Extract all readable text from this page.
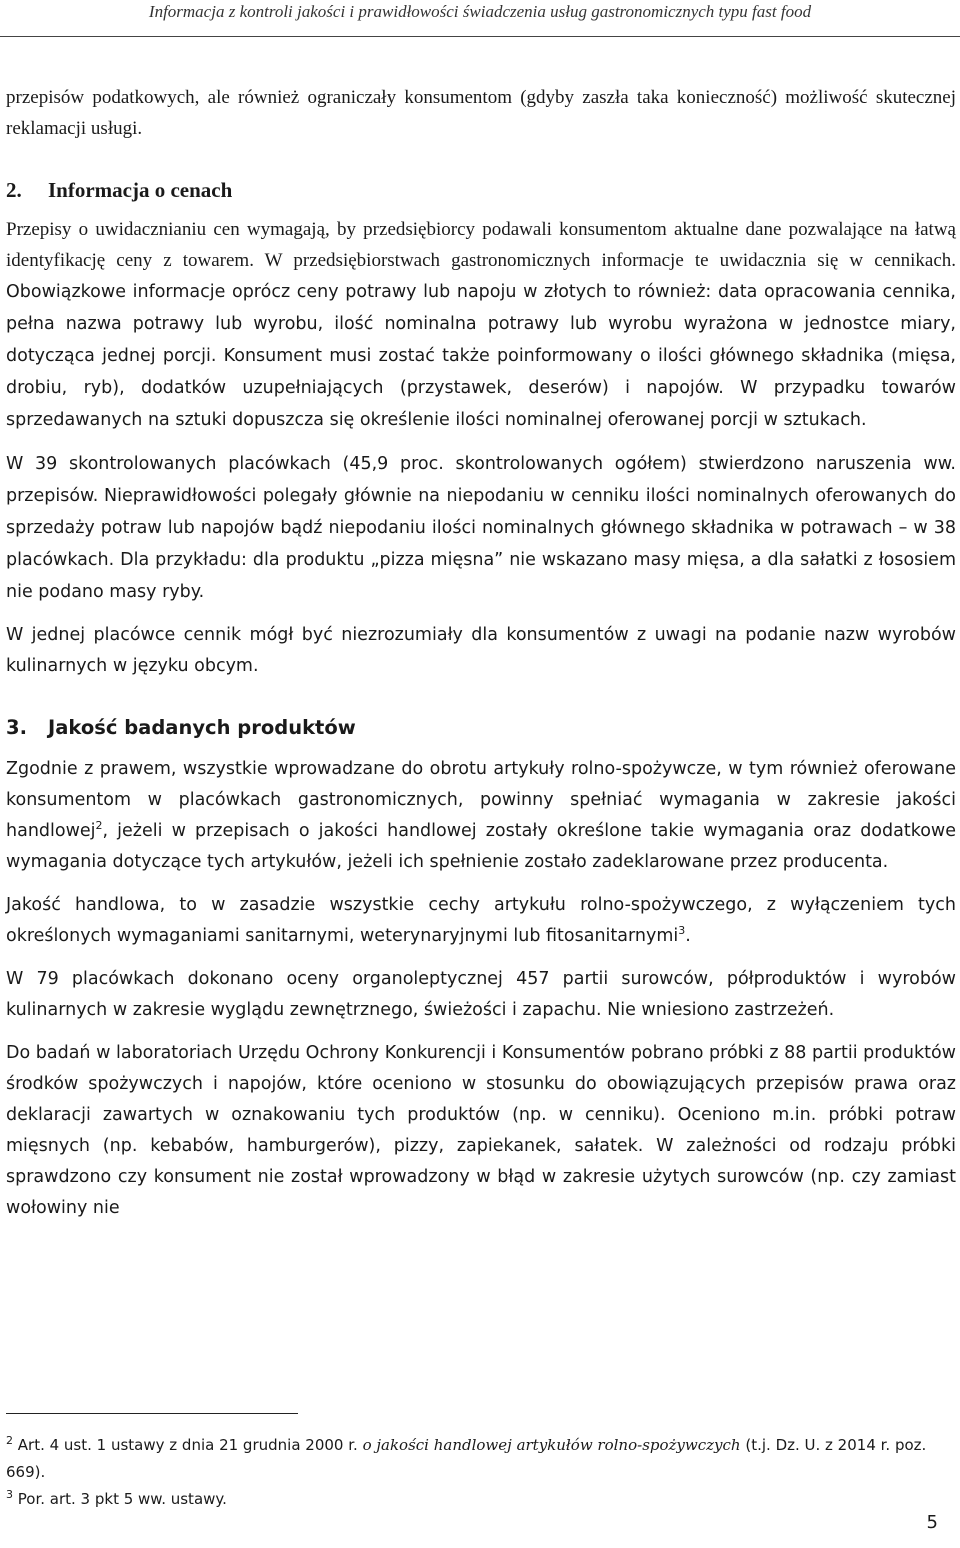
Informacja z kontroli jakości i prawidłowości świadczenia usług gastronomicznych typu fast food

przepisów podatkowych, ale również ograniczały konsumentom (gdyby zaszła taka konieczność) możliwość skutecznej reklamacji usługi.

2. Informacja o cenach

Przepisy o uwidacznianiu cen wymagają, by przedsiębiorcy podawali konsumentom aktualne dane pozwalające na łatwą identyfikację ceny z towarem. W przedsiębiorstwach gastronomicznych informacje te uwidacznia się w cennikach. Obowiązkowe informacje oprócz ceny potrawy lub napoju w złotych to również: data opracowania cennika, pełna nazwa potrawy lub wyrobu, ilość nominalna potrawy lub wyrobu wyrażona w jednostce miary, dotycząca jednej porcji. Konsument musi zostać także poinformowany o ilości głównego składnika (mięsa, drobiu, ryb), dodatków uzupełniających (przystawek, deserów) i napojów. W przypadku towarów sprzedawanych na sztuki dopuszcza się określenie ilości nominalnej oferowanej porcji w sztukach.

W 39 skontrolowanych placówkach (45,9 proc. skontrolowanych ogółem) stwierdzono naruszenia ww. przepisów. Nieprawidłowości polegały głównie na niepodaniu w cenniku ilości nominalnych oferowanych do sprzedaży potraw lub napojów bądź niepodaniu ilości nominalnych głównego składnika w potrawach – w 38 placówkach. Dla przykładu: dla produktu „pizza mięsna” nie wskazano masy mięsa, a dla sałatki z łososiem nie podano masy ryby.

W jednej placówce cennik mógł być niezrozumiały dla konsumentów z uwagi na podanie nazw wyrobów kulinarnych w języku obcym.

3. Jakość badanych produktów

Zgodnie z prawem, wszystkie wprowadzane do obrotu artykuły rolno-spożywcze, w tym również oferowane konsumentom w placówkach gastronomicznych, powinny spełniać wymagania w zakresie jakości handlowej$^2$, jeżeli w przepisach o jakości handlowej zostały określone takie wymagania oraz dodatkowe wymagania dotyczące tych artykułów, jeżeli ich spełnienie zostało zadeklarowane przez producenta.

Jakość handlowa, to w zasadzie wszystkie cechy artykułu rolno-spożywczego, z wyłączeniem tych określonych wymaganiami sanitarnymi, weterynaryjnymi lub fitosanitarnymi$^3$.

W 79 placówkach dokonano oceny organoleptycznej 457 partii surowców, półproduktów i wyrobów kulinarnych w zakresie wyglądu zewnętrznego, świeżości i zapachu. Nie wniesiono zastrzeżeń.

Do badań w laboratoriach Urzędu Ochrony Konkurencji i Konsumentów pobrano próbki z 88 partii produktów środków spożywczych i napojów, które oceniono w stosunku do obowiązujących przepisów prawa oraz deklaracji zawartych w oznakowaniu tych produktów (np. w cenniku). Oceniono m.in. próbki potraw mięsnych (np. kebabów, hamburgerów), pizzy, zapiekanek, sałatek. W zależności od rodzaju próbki sprawdzono czy konsument nie został wprowadzony w błąd w zakresie użytych surowców (np. czy zamiast wołowiny nie

$^2$ Art. 4 ust. 1 ustawy z dnia 21 grudnia 2000 r. o jakości handlowej artykułów rolno-spożywczych (t.j. Dz. U. z 2014 r. poz. 669).
$^3$ Por. art. 3 pkt 5 ww. ustawy.
5
